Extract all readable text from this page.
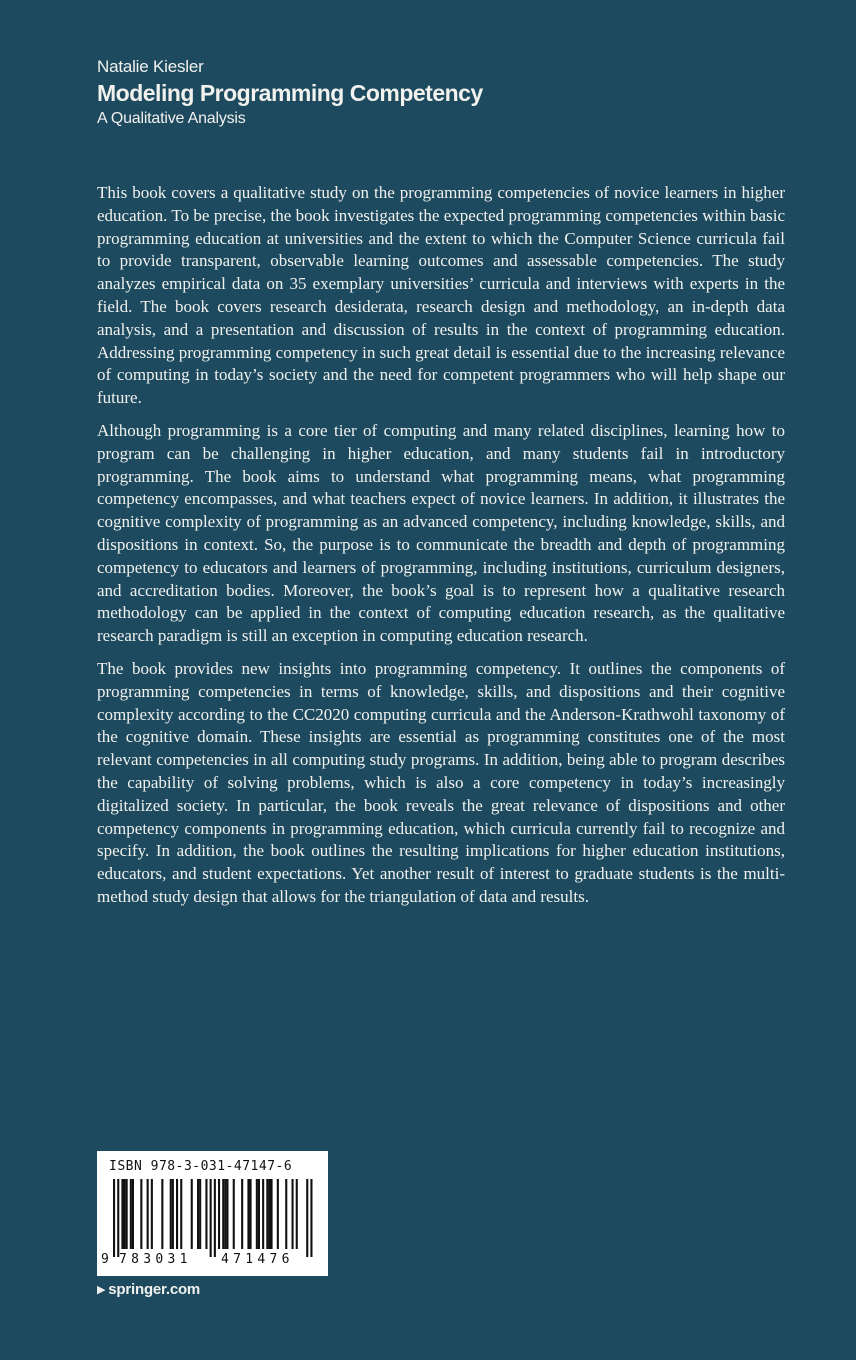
Natalie Kiesler
Modeling Programming Competency
A Qualitative Analysis

This book covers a qualitative study on the programming competencies of novice learners in higher education. To be precise, the book investigates the expected programming competencies within basic programming education at universities and the extent to which the Computer Science curricula fail to provide transparent, observable learning outcomes and assessable competencies. The study analyzes empirical data on 35 exemplary universities’ curricula and interviews with experts in the field. The book covers research desiderata, research design and methodology, an in-depth data analysis, and a presentation and discussion of results in the context of programming education. Addressing programming competency in such great detail is essential due to the increasing relevance of computing in today’s society and the need for competent programmers who will help shape our future.

Although programming is a core tier of computing and many related disciplines, learning how to program can be challenging in higher education, and many students fail in introductory programming. The book aims to understand what programming means, what programming competency encompasses, and what teachers expect of novice learners. In addition, it illustrates the cognitive complexity of programming as an advanced competency, including knowledge, skills, and dispositions in context. So, the purpose is to communicate the breadth and depth of programming competency to educators and learners of programming, including institutions, curriculum designers, and accreditation bodies. Moreover, the book’s goal is to represent how a qualitative research methodology can be applied in the context of computing education research, as the qualitative research paradigm is still an exception in computing education research.

The book provides new insights into programming competency. It outlines the components of programming competencies in terms of knowledge, skills, and dispositions and their cognitive complexity according to the CC2020 computing curricula and the Anderson-Krathwohl taxonomy of the cognitive domain. These insights are essential as programming constitutes one of the most relevant competencies in all computing study programs. In addition, being able to program describes the capability of solving problems, which is also a core competency in today’s increasingly digitalized society. In particular, the book reveals the great relevance of dispositions and other competency components in programming education, which curricula currently fail to recognize and specify. In addition, the book outlines the resulting implications for higher education institutions, educators, and student expectations. Yet another result of interest to graduate students is the multi-method study design that allows for the triangulation of data and results.

ISBN 978-3-031-47147-6
9 783031 471476
▶ springer.com
